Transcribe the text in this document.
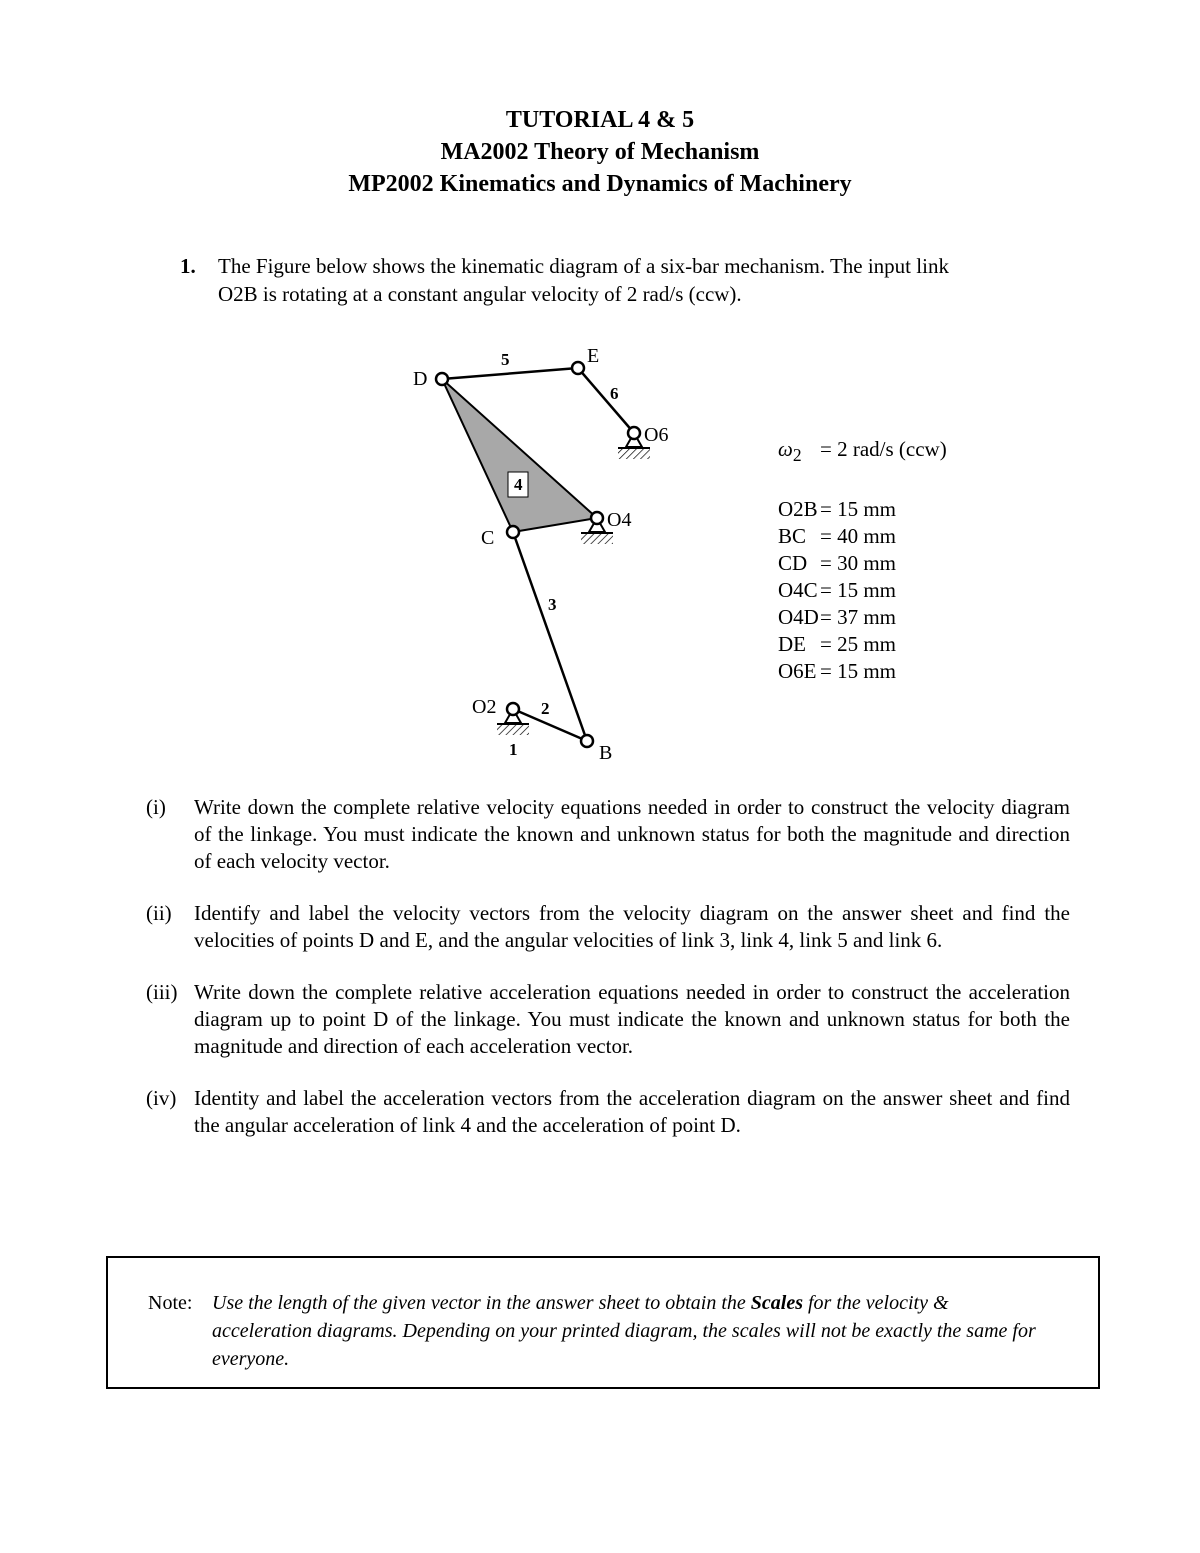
TUTORIAL 4 & 5
MA2002 Theory of Mechanism
MP2002 Kinematics and Dynamics of Machinery
1. The Figure below shows the kinematic diagram of a six-bar mechanism. The input link
O2B is rotating at a constant angular velocity of 2 rad/s (ccw).
D
E
O6
O4
C
O2
B
5
6
4
3
2
1
$\omega_2 = 2$ rad/s (ccw)
O2B = 15 mm
BC = 40 mm
CD = 30 mm
O4C = 15 mm
O4D = 37 mm
DE = 25 mm
O6E = 15 mm
(i)	Write down the complete relative velocity equations needed in order to construct the velocity diagram of the linkage. You must indicate the known and unknown status for both the magnitude and direction of each velocity vector.
(ii)	Identify and label the velocity vectors from the velocity diagram on the answer sheet and find the velocities of points D and E, and the angular velocities of link 3, link 4, link 5 and link 6.
(iii) Write down the complete relative acceleration equations needed in order to construct the acceleration diagram up to point D of the linkage. You must indicate the known and unknown status for both the magnitude and direction of each acceleration vector.
(iv) Identity and label the acceleration vectors from the acceleration diagram on the answer sheet and find the angular acceleration of link 4 and the acceleration of point D.
Note: Use the length of the given vector in the answer sheet to obtain the Scales for the velocity & acceleration diagrams. Depending on your printed diagram, the scales will not be exactly the same for everyone.
